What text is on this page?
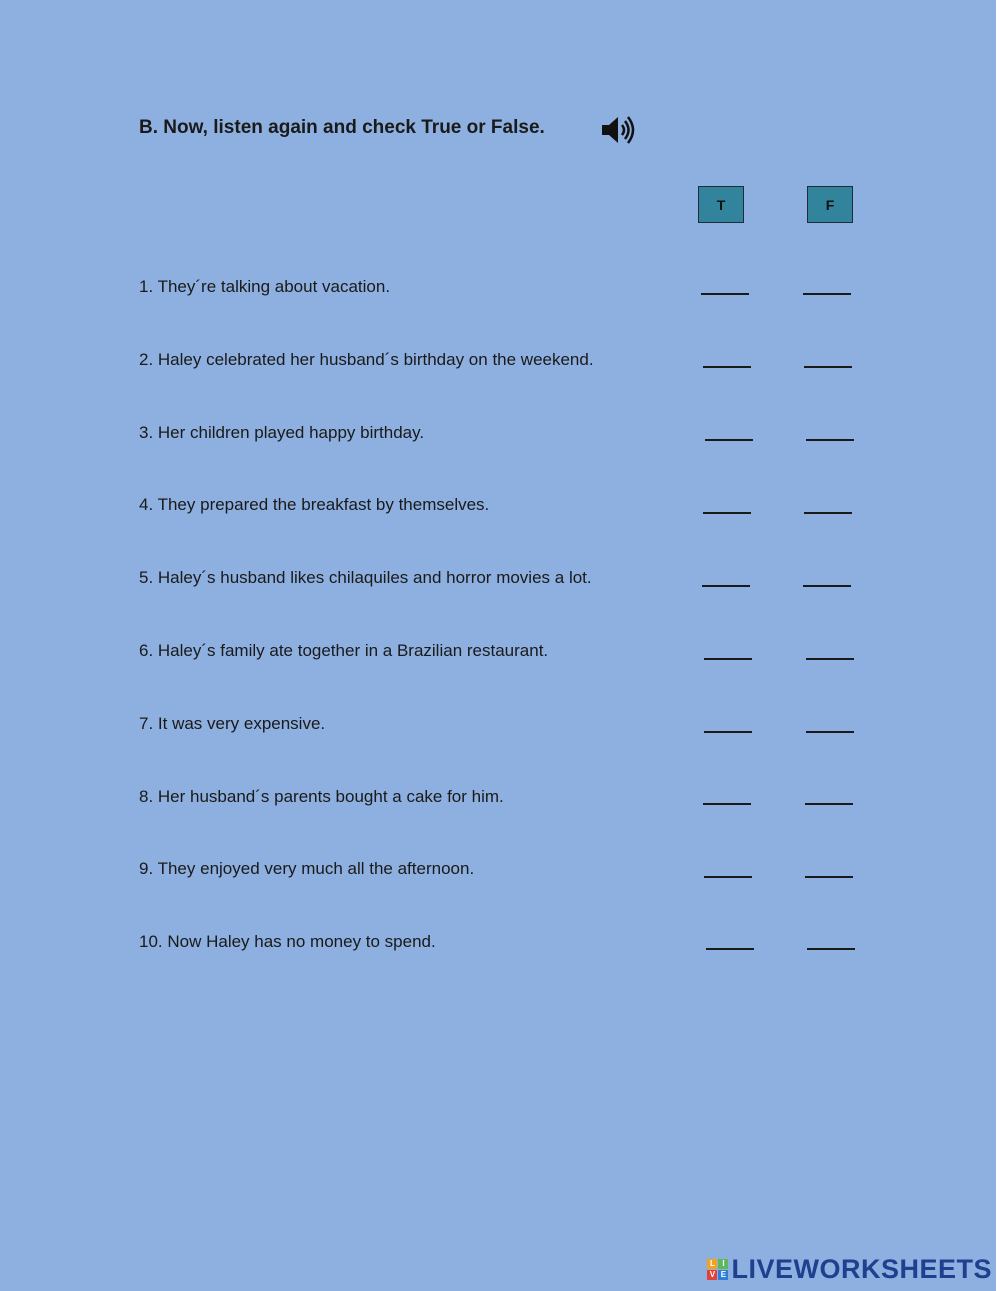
B. Now, listen again and check True or False.
T	F
1. They´re talking about vacation.
2. Haley celebrated her husband´s birthday on the weekend.
3. Her children played happy birthday.
4. They prepared the breakfast by themselves.
5. Haley´s husband likes chilaquiles and horror movies a lot.
6. Haley´s family ate together in a Brazilian restaurant.
7. It was very expensive.
8. Her husband´s parents bought a cake for him.
9. They enjoyed very much all the afternoon.
10. Now Haley has no money to spend.
L I
V E LIVEWORKSHEETS
